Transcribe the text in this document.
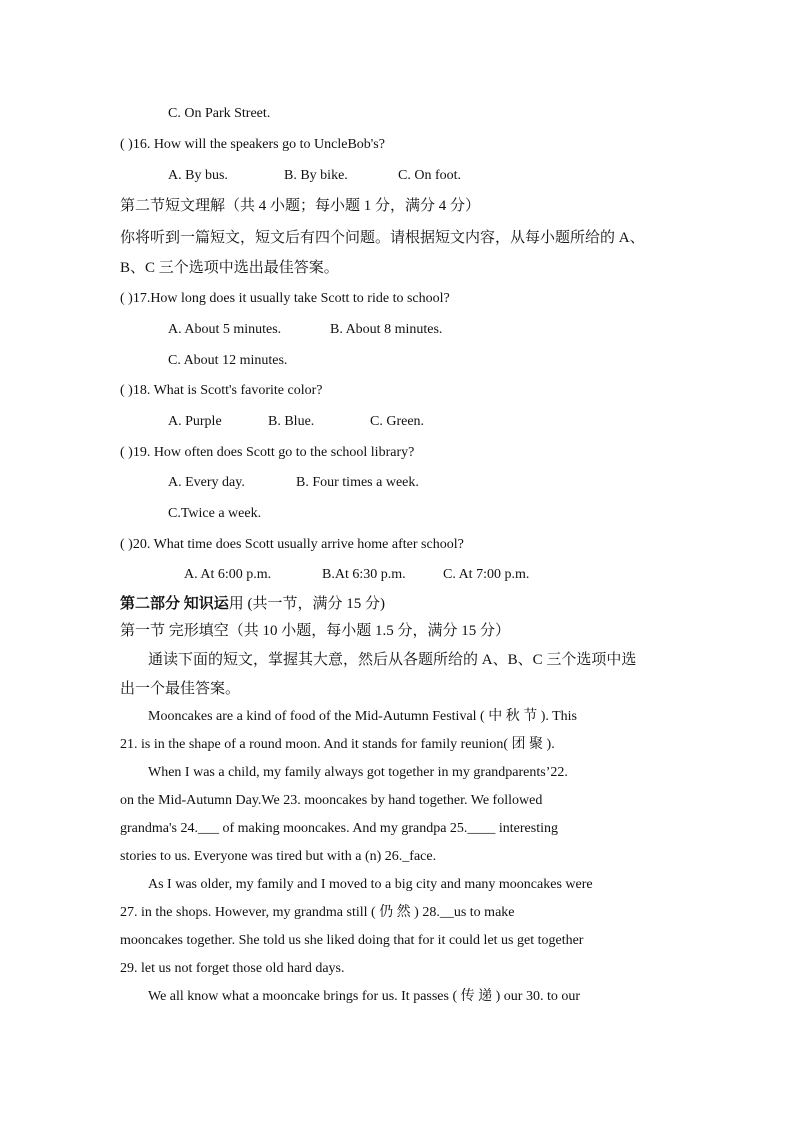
C. On Park Street.
( )16. How will the speakers go to UncleBob's?
A. By bus.	B. By bike.	C. On foot.
第二节短文理解（共 4 小题；每小题 1 分，满分 4 分）
你将听到一篇短文，短文后有四个问题。请根据短文内容，从每小题所给的 A、
B、C 三个选项中选出最佳答案。
( )17.How long does it usually take Scott to ride to school?
A. About 5 minutes.	B. About 8 minutes.
C. About 12 minutes.
( )18. What is Scott's favorite color?
A. Purple	B. Blue.	C. Green.
( )19. How often does Scott go to the school library?
A. Every day.	B. Four times a week.
C.Twice a week.
( )20. What time does Scott usually arrive home after school?
A. At 6:00 p.m.	B.At 6:30 p.m.	C. At 7:00 p.m.
第二部分 知识运用 (共一节，满分 15 分)
第一节 完形填空（共 10 小题，每小题 1.5 分，满分 15 分）
通读下面的短文，掌握其大意，然后从各题所给的 A、B、C 三个选项中选
出一个最佳答案。
Mooncakes are a kind of food of the Mid-Autumn Festival ( 中 秋 节 ). This
21. is in the shape of a round moon. And it stands for family reunion( 团 聚 ).
When I was a child, my family always got together in my grandparents’22.
on the Mid-Autumn Day.We 23. mooncakes by hand together. We followed
grandma's 24.___ of making mooncakes. And my grandpa 25.____ interesting
stories to us. Everyone was tired but with a (n) 26._face.
As I was older, my family and I moved to a big city and many mooncakes were
27. in the shops. However, my grandma still ( 仍 然 ) 28.__us to make
mooncakes together. She told us she liked doing that for it could let us get together
29. let us not forget those old hard days.
We all know what a mooncake brings for us. It passes ( 传 递 ) our 30. to our
